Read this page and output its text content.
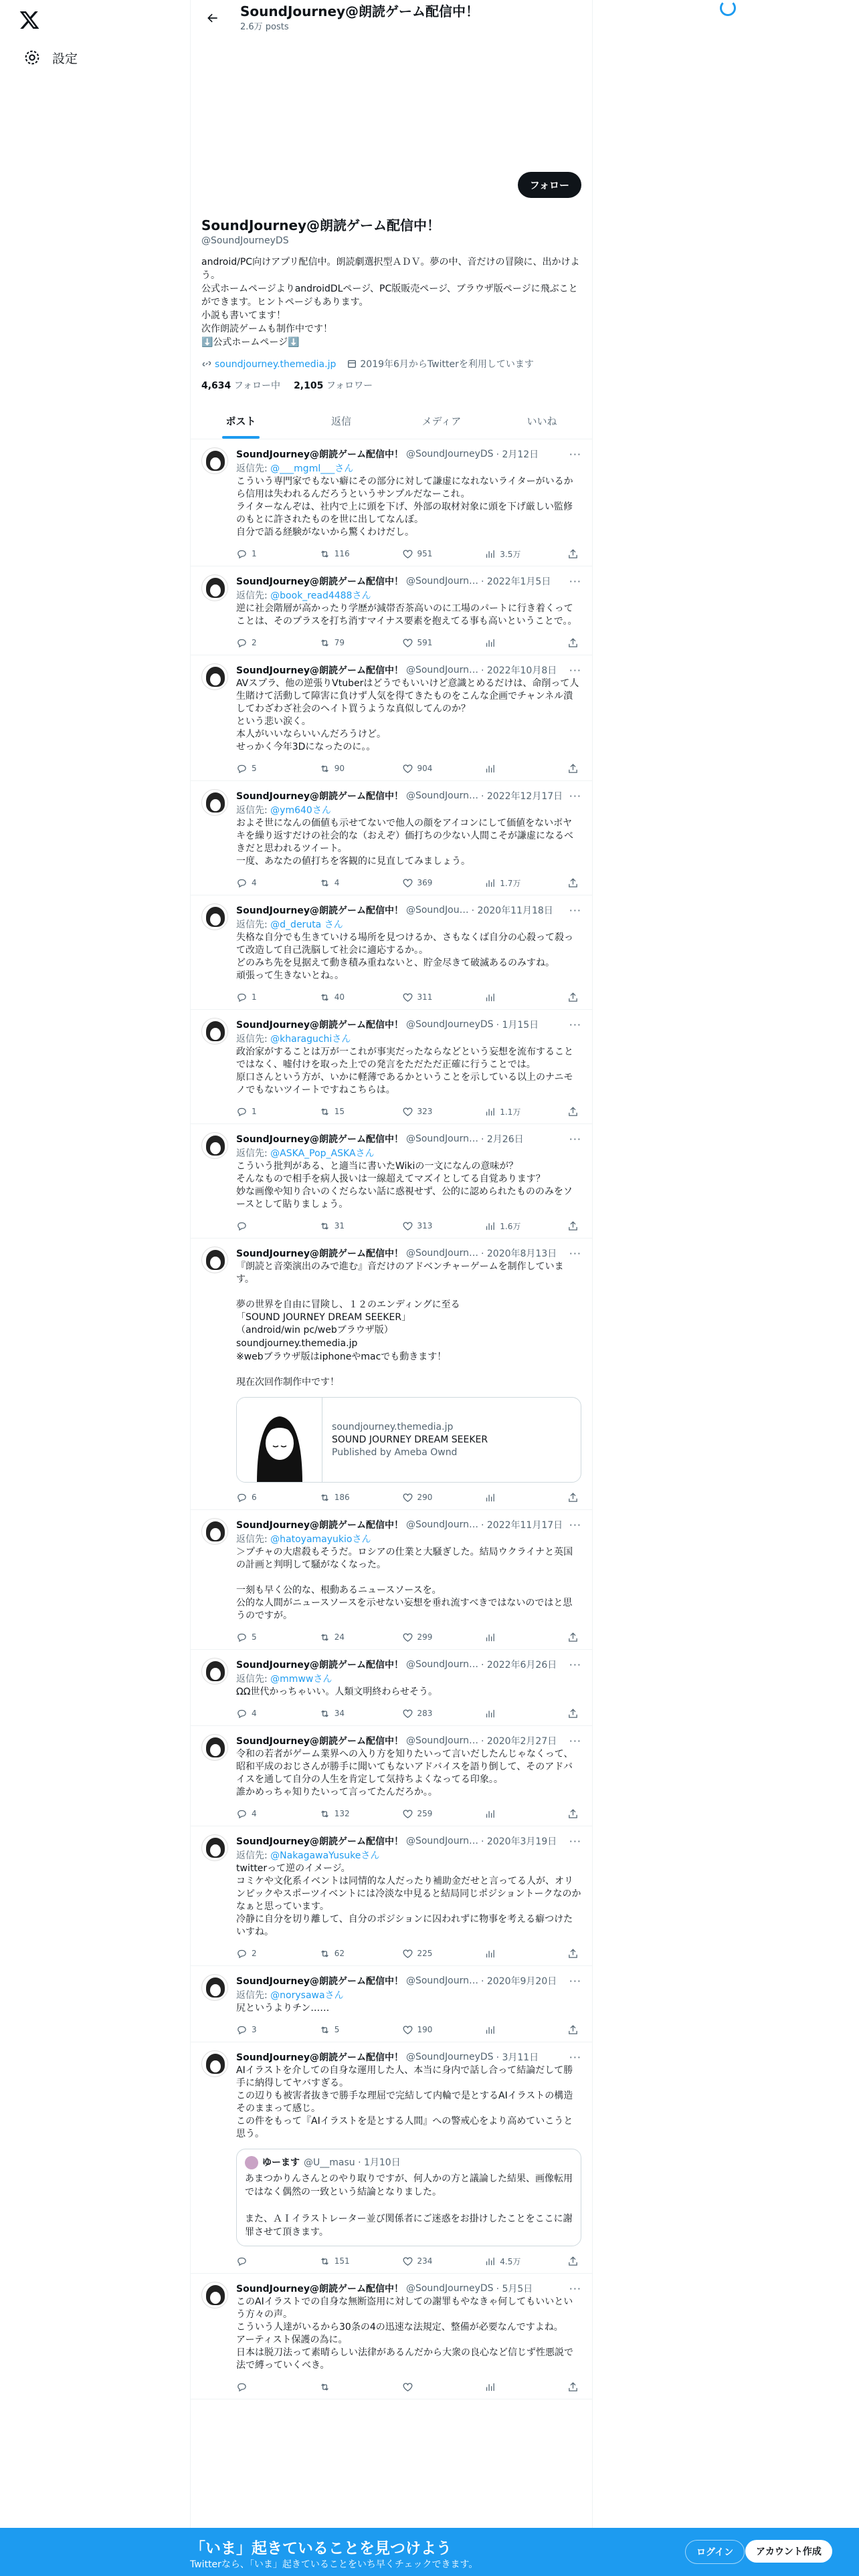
設定
SoundJourney@朗読ゲーム配信中！
2.6万 posts
フォロー
SoundJourney@朗読ゲーム配信中！
@SoundJourneyDS
android/PC向けアプリ配信中。朗読劇選択型ＡＤＶ。夢の中、音だけの冒険に、出かけよう。
公式ホームページよりandroidDLページ、PC版販売ページ、ブラウザ版ページに飛ぶことができます。ヒントページもあります。
小説も書いてます！
次作朗読ゲームも制作中です！
⬇️公式ホームページ⬇️
soundjourney.themedia.jp	2019年6月からTwitterを利用しています
4,634 フォロー中 2,105 フォロワー
ポスト	返信	メディア	いいね
SoundJourney@朗読ゲーム配信中！ @SoundJourneyDS · 2月12日	···
返信先: @___mgml___さん
こういう専門家でもない癖にその部分に対して謙虚になれないライターがいるから信用は失われるんだろうというサンプルだなーこれ。
ライターなんぞは、社内で上に頭を下げ、外部の取材対象に頭を下げ厳しい監修のもとに許されたものを世に出してなんぼ。
自分で語る経験がないから驚くわけだし。
1	116	951	3.5万
SoundJourney@朗読ゲーム配信中！ @SoundJourn… · 2022年1月5日 ···
返信先: @book_read4488さん
逆に社会階層が高かったり学歴が減帯否茶高いのに工場のパートに行き着くってことは、そのプラスを打ち消すマイナス要素を抱えてる事も高いということで。。
2	79	591
SoundJourney@朗読ゲーム配信中！ @SoundJourn… · 2022年10月8日 ···
AVスプラ、他の逆張りVtuberはどうでもいいけど意識とめるだけは、命削って人生賭けて活動して障害に負けず人気を得てきたものをこんな企画でチャンネル潰してわざわざ社会のヘイト買うような真似してんのか？
という悲い涙く。
本人がいいならいいんだろうけど。
せっかく今年3Dになったのに。。
5	90	904
SoundJourney@朗読ゲーム配信中！ @SoundJourn… · 2022年12月17日 ···
返信先: @ym640さん
およそ世になんの価値も示せてないで他人の顔をアイコンにして価値をないボヤキを繰り返すだけの社会的な（おえぞ）価打ちの少ない人間こそが謙虚になるべきだと思われるツイート。
一度、あなたの値打ちを客観的に見直してみましょう。
4	4	369	1.7万
SoundJourney@朗読ゲーム配信中！ @SoundJou… · 2020年11月18日 ···
返信先: @d_deruta さん
失格な自分でも生きていける場所を見つけるか、さもなくば自分の心殺って殺って改造して自己洗脳して社会に適応するか。。
どのみち先を見据えて動き積み重ねないと、貯金尽きて破滅あるのみすね。
頑張って生きないとね。。
1	40	311
SoundJourney@朗読ゲーム配信中！ @SoundJourneyDS · 1月15日	···
返信先: @kharaguchiさん
政治家がすることは万が一これが事実だったならなどという妄想を流布することではなく、嘘付けを取った上での発言をただただ正確に行うことでは。
原口さんという方が、いかに軽薄であるかということを示している以上のナニモノでもないツイートですねこちらは。
1	15	323	1.1万
SoundJourney@朗読ゲーム配信中！ @SoundJourn… · 2月26日	···
返信先: @ASKA_Pop_ASKAさん
こういう批判がある、と適当に書いたWikiの一文になんの意味が？
そんなもので相手を病人扱いは一線超えてマズイとしてる自覚あります？
妙な画像や知り合いのくだらない話に惑視せず、公的に認められたもののみをソースとして貼りましょう。
31	313	1.6万
SoundJourney@朗読ゲーム配信中！ @SoundJourn… · 2020年8月13日 ···
『朗読と音楽演出のみで進む』音だけのアドベンチャーゲームを制作しています。

夢の世界を自由に冒険し、１２のエンディングに至る
「SOUND JOURNEY DREAM SEEKER」
（android/win pc/webブラウザ版）
soundjourney.themedia.jp
※webブラウザ版はiphoneやmacでも動きます！

現在次回作制作中です！
soundjourney.themedia.jp
SOUND JOURNEY DREAM SEEKER
Published by Ameba Ownd
6	186	290
SoundJourney@朗読ゲーム配信中！ @SoundJourn… · 2022年11月17日 ···
返信先: @hatoyamayukioさん
＞プチャの大虐殺もそうだ。ロシアの仕業と大騒ぎした。結局ウクライナと英国の計画と判明して騒がなくなった。

一刻も早く公的な、根動あるニュースソースを。
公的な人間がニュースソースを示せない妄想を垂れ流すべきではないのではと思うのですが。
5	24	299
SoundJourney@朗読ゲーム配信中！ @SoundJourn… · 2022年6月26日 ···
返信先: @mmwwさん
ΩΩ世代かっちゃいい。人類文明終わらせそう。
4	34	283
SoundJourney@朗読ゲーム配信中！ @SoundJourn… · 2020年2月27日 ···
令和の若者がゲーム業界への入り方を知りたいって言いだしたんじゃなくって、昭和平成のおじさんが勝手に聞いてもないアドバイスを語り倒して、そのアドバイスを通して自分の人生を肯定して気持ちよくなってる印象。。
誰かめっちゃ知りたいって言ってたんだろか。。
4	132	259
SoundJourney@朗読ゲーム配信中！ @SoundJourn… · 2020年3月19日 ···
返信先: @NakagawaYusukeさん
twitterって逆のイメージ。
コミケや文化系イベントは同情的な人だったり補助金だせと言ってる人が、オリンピックやスポーツイベントには冷淡な中見ると結局同じポジショントークなのかなぁと思っています。
冷静に自分を切り離して、自分のポジションに囚われずに物事を考える癖つけたいすね。
2	62	225
SoundJourney@朗読ゲーム配信中！ @SoundJourn… · 2020年9月20日 ···
返信先: @norysawaさん
尻というよりチン……
3	5	190
SoundJourney@朗読ゲーム配信中！ @SoundJourneyDS · 3月11日	···
AIイラストを介しての自身な運用した人、本当に身内で話し合って結論だして勝手に納得してヤバすぎる。
この辺りも被害者抜きで勝手な理屈で完結して内輪で是とするAIイラストの構造そのままって感じ。
この件をもって『AIイラストを是とする人間』への警戒心をより高めていこうと思う。
ゆーます @U__masu · 1月10日
あまつかりんさんとのやり取りですが、何人かの方と議論した結果、画像転用ではなく偶然の一致という結論となりました。

また、ＡＩイラストレーター並び関係者にご迷惑をお掛けしたことをここに謝罪させて頂きます。
151	234	4.5万
SoundJourney@朗読ゲーム配信中！ @SoundJourneyDS · 5月5日	···
このAIイラストでの自身な無断盗用に対しての謝罪もやなきゃ何してもいいという方々の声。
こういう人達がいるから30条の4の迅速な法規定、整備が必要なんですよね。
アーティスト保護の為に。
日本は脱刀法って素晴らしい法律があるんだから大衆の良心など信じず性悪説で法で縛っていくべき。
「いま」起きていることを見つけよう
Twitterなら、「いま」起きていることをいち早くチェックできます。
ログイン	アカウント作成
